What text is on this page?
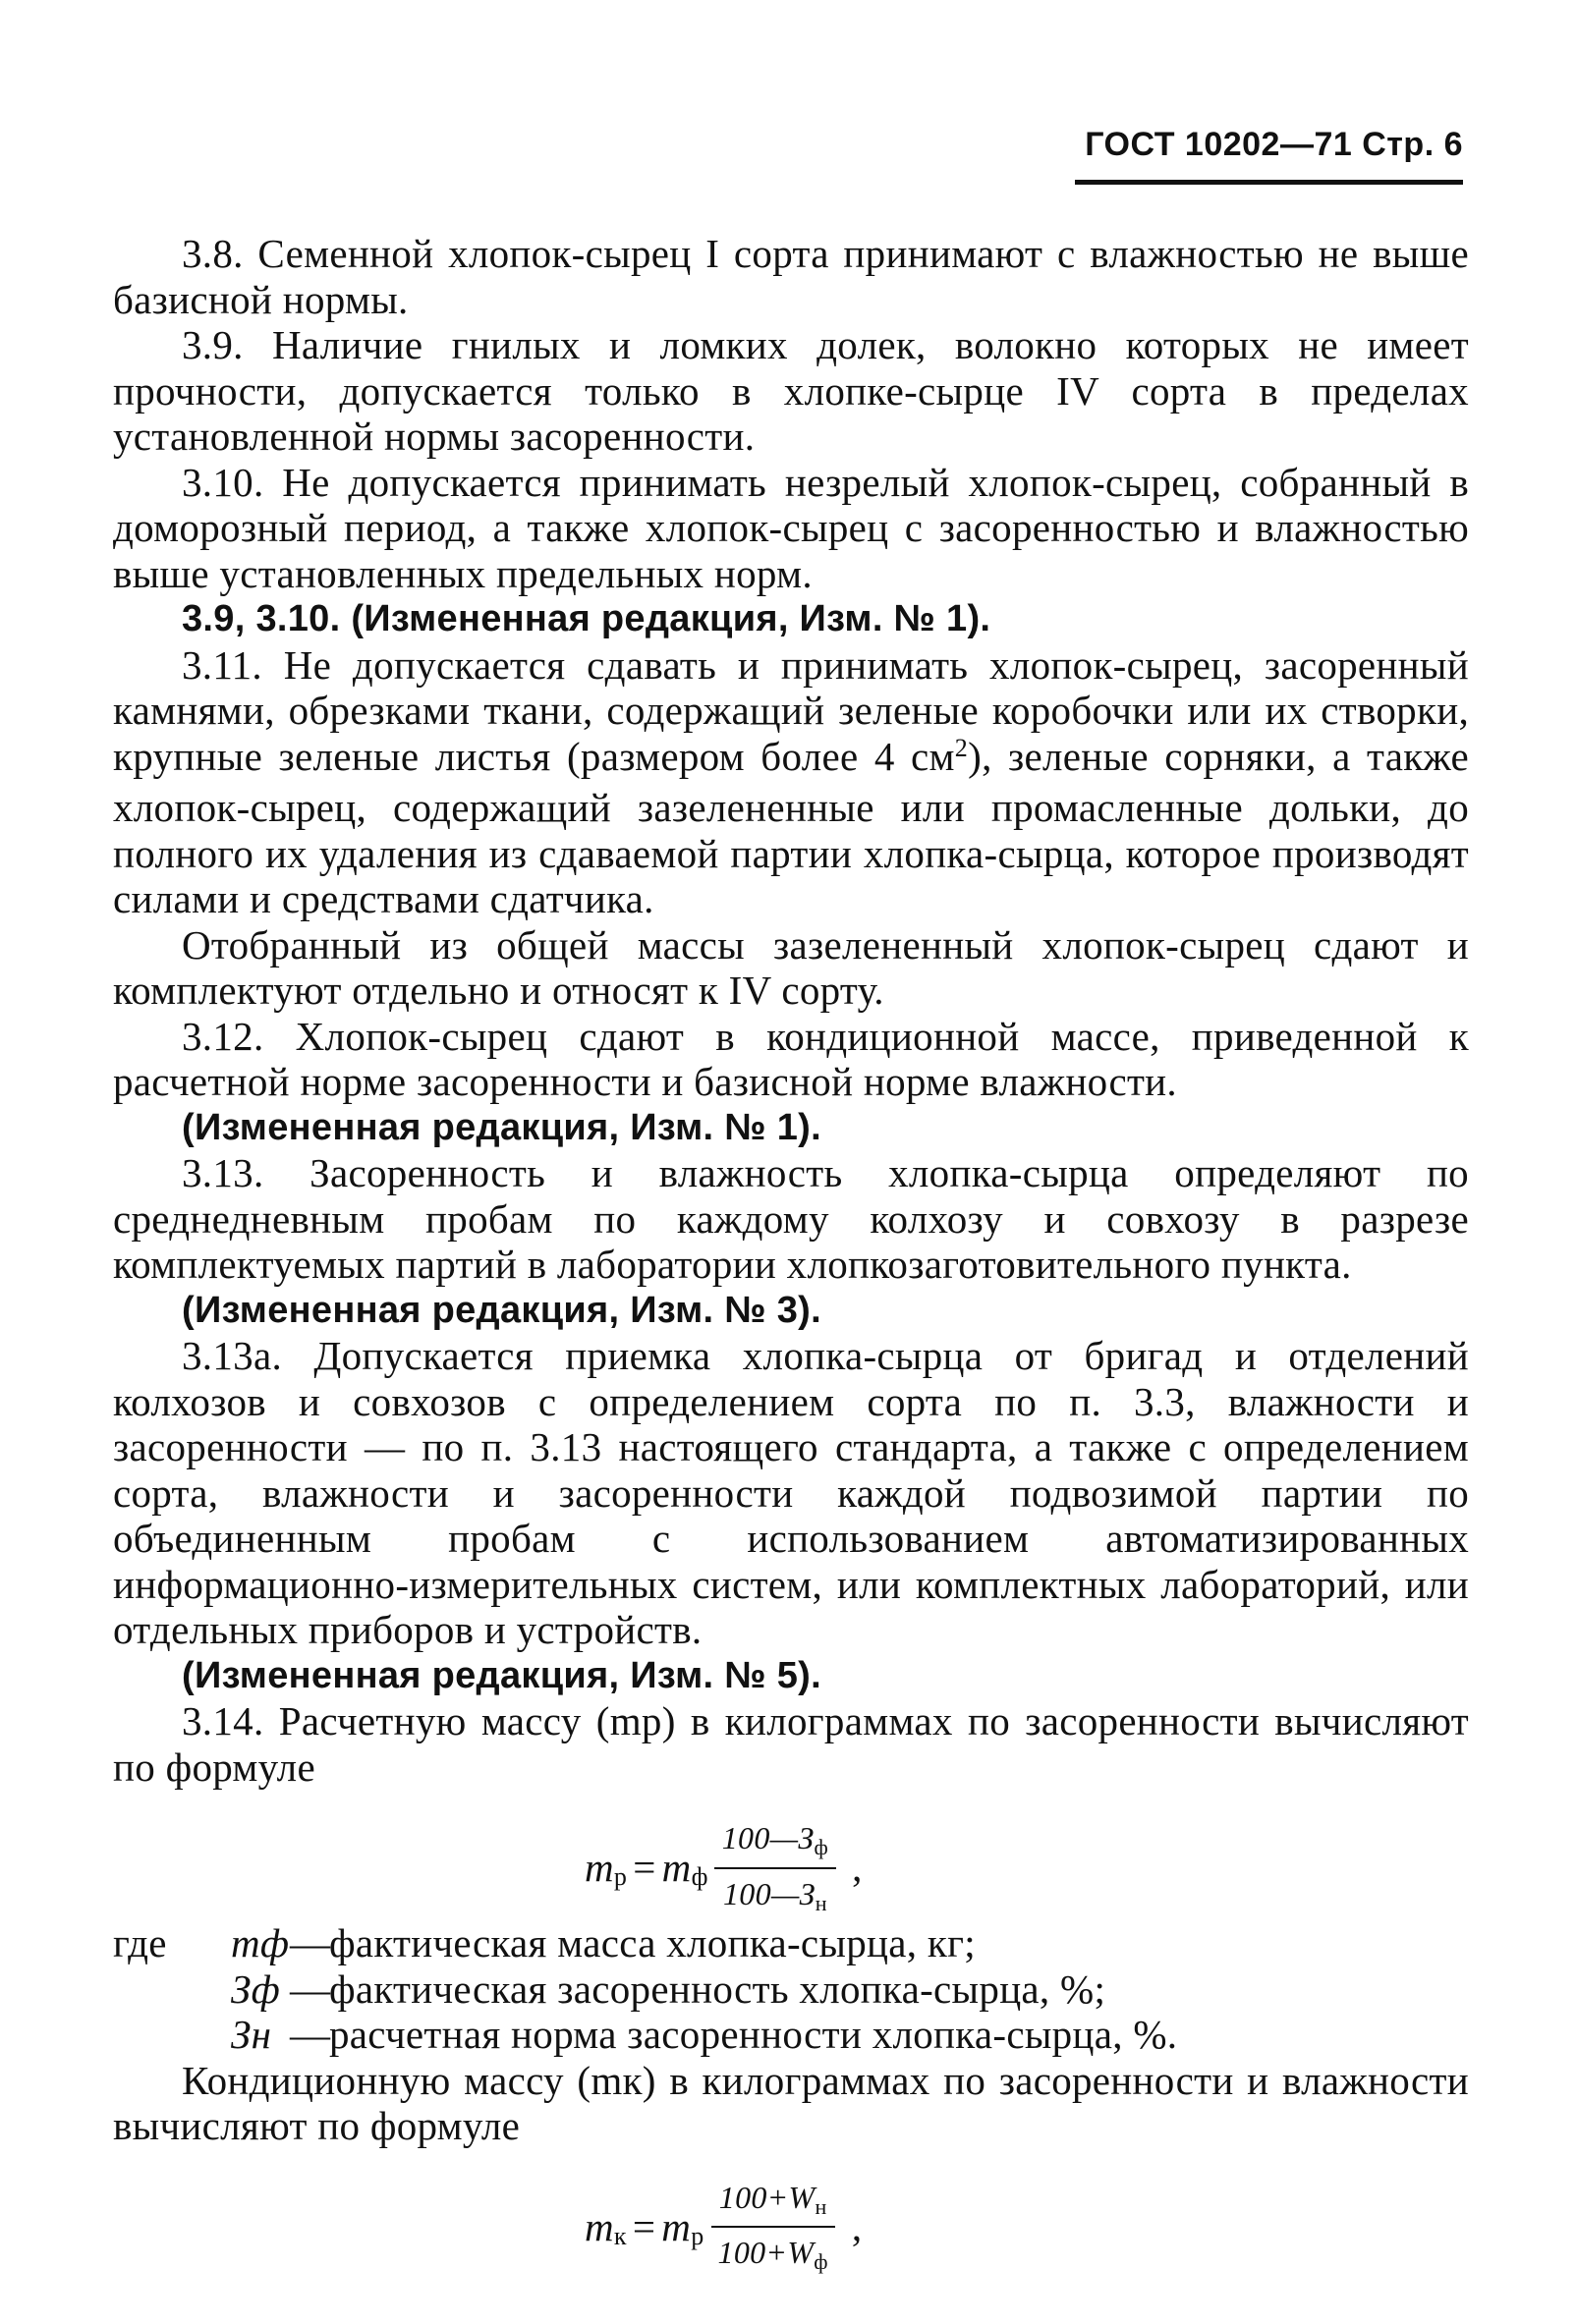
ГОСТ 10202—71 Стр. 6

3.8. Семенной хлопок-сырец I сорта принимают с влажностью не выше базисной нормы.

3.9. Наличие гнилых и ломких долек, волокно которых не имеет прочности, допускается только в хлопке-сырце IV сорта в пределах установленной нормы засоренности.

3.10. Не допускается принимать незрелый хлопок-сырец, собранный в доморозный период, а также хлопок-сырец с засоренностью и влажностью выше установленных предельных норм.

3.9, 3.10. (Измененная редакция, Изм. № 1).

3.11. Не допускается сдавать и принимать хлопок-сырец, засоренный камнями, обрезками ткани, содержащий зеленые коробочки или их створки, крупные зеленые листья (размером более 4 $см^2$), зеленые сорняки, а также хлопок-сырец, содержащий зазелененные или промасленные дольки, до полного их удаления из сдаваемой партии хлопка-сырца, которое производят силами и средствами сдатчика.

Отобранный из общей массы зазелененный хлопок-сырец сдают и комплектуют отдельно и относят к IV сорту.

3.12. Хлопок-сырец сдают в кондиционной массе, приведенной к расчетной норме засоренности и базисной норме влажности.

(Измененная редакция, Изм. № 1).

3.13. Засоренность и влажность хлопка-сырца определяют по среднедневным пробам по каждому колхозу и совхозу в разрезе комплектуемых партий в лаборатории хлопкозаготовительного пункта.

(Измененная редакция, Изм. № 3).

3.13а. Допускается приемка хлопка-сырца от бригад и отделений колхозов и совхозов с определением сорта по п. 3.3, влажности и засоренности — по п. 3.13 настоящего стандарта, а также с определением сорта, влажности и засоренности каждой подвозимой партии по объединенным пробам с использованием автоматизированных информационно-измерительных систем, или комплектных лабораторий, или отдельных приборов и устройств.

(Измененная редакция, Изм. № 5).

3.14. Расчетную массу (mр) в килограммах по засоренности вычисляют по формуле

m р = m ф $\frac{100—Зф}{100—Зн}$ ,
где	mф —
фактическая масса хлопка-сырца, кг;
Зф —
фактическая засоренность хлопка-сырца, %;
Зн —
расчетная норма засоренности хлопка-сырца, %.

Кондиционную массу (mк) в килограммах по засоренности и влажности вычисляют по формуле

m к = m р $\frac{100+Wн}{100+Wф}$ ,
